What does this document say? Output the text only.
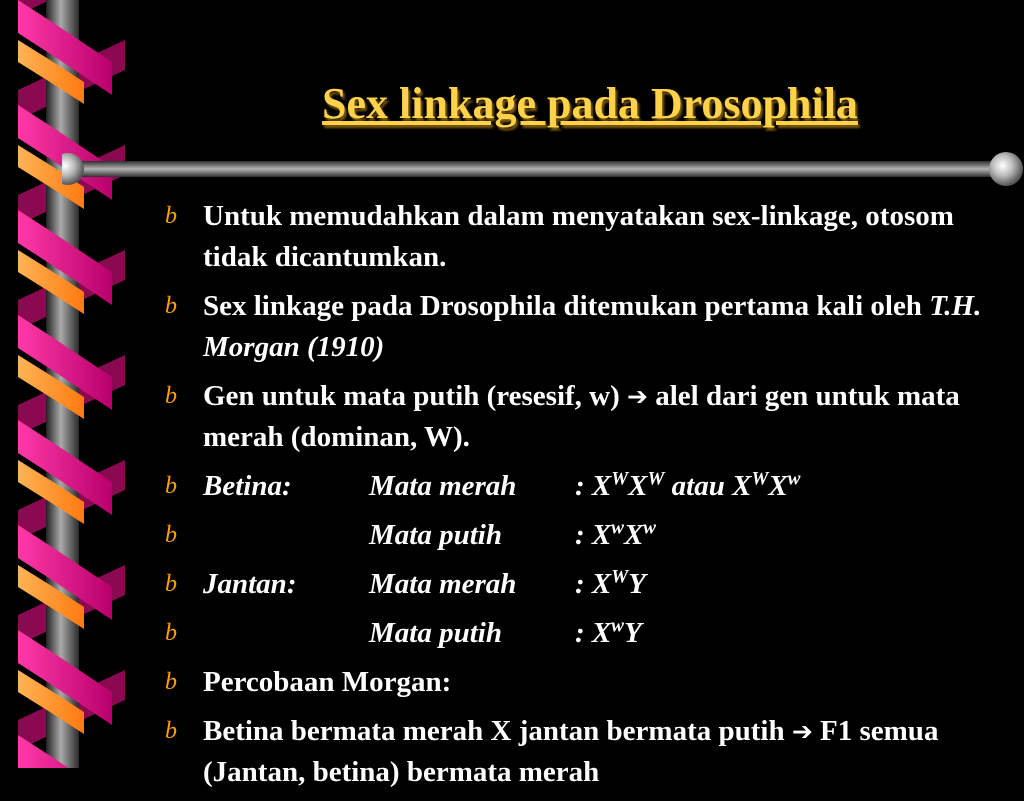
Sex linkage pada Drosophila
b Untuk memudahkan dalam menyatakan sex-linkage, otosom tidak dicantumkan.
b Sex linkage pada Drosophila ditemukan pertama kali oleh T.H. Morgan (1910)
b Gen untuk mata putih (resesif, w) ➔ alel dari gen untuk mata merah (dominan, W).
b Betina:	Mata merah : $X^WX^W$ atau $X^WX^w$
b	Mata putih	: $X^wX^w$
b Jantan:	Mata merah : $X^WY$
b	Mata putih	: $X^wY$
b Percobaan Morgan:
b Betina bermata merah X jantan bermata putih ➔ F1 semua (Jantan, betina) bermata merah
